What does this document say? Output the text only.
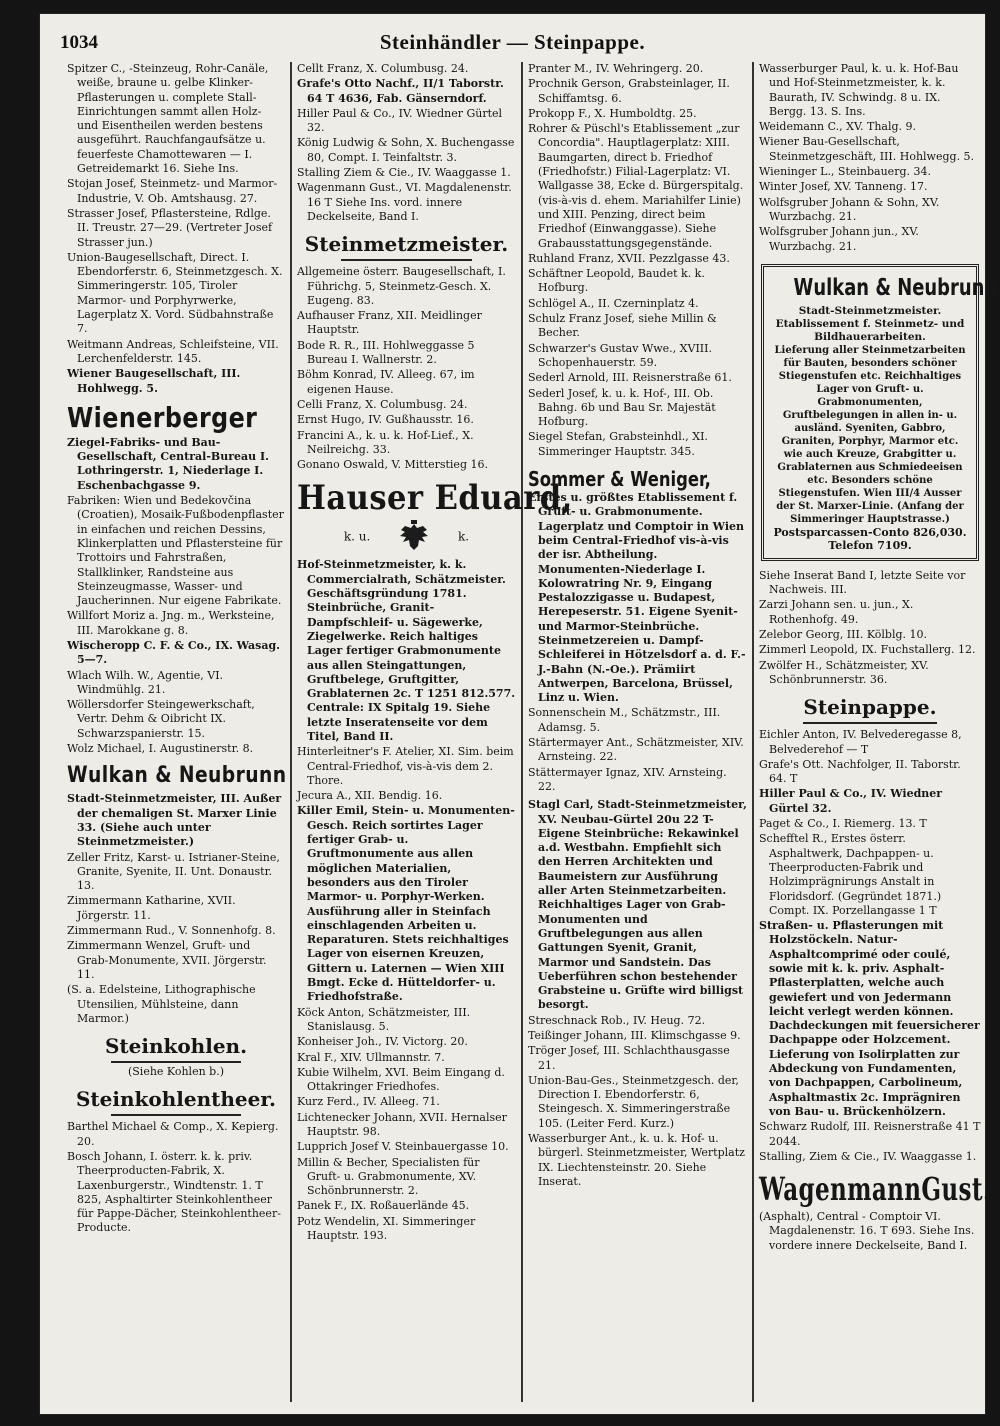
1034	Steinhändler — Steinpappe.
Spitzer C., -Steinzeug, Rohr-Canäle, weiße, braune u. gelbe Klinker-Pflasterungen u. complete Stall-Einrichtungen sammt allen Holz- und Eisentheilen werden bestens ausgeführt. Rauchfangaufsätze u. feuerfeste Chamottewaren — I. Getreidemarkt 16. Siehe Ins.
Stojan Josef, Steinmetz- und Marmor-Industrie, V. Ob. Amtshausg. 27.
Strasser Josef, Pflastersteine, Rdlge. II. Treustr. 27—29. (Vertreter Josef Strasser jun.)
Union-Baugesellschaft, Direct. I. Ebendorferstr. 6, Steinmetzgesch. X. Simmeringerstr. 105, Tiroler Marmor- und Porphyrwerke, Lagerplatz X. Vord. Südbahnstraße 7.
Weitmann Andreas, Schleifsteine, VII. Lerchenfelderstr. 145.
Wiener Baugesellschaft, III. Hohlwegg. 5.
Wienerberger
Ziegel-Fabriks- und Bau-Gesellschaft, Central-Bureau I. Lothringerstr. 1, Niederlage I. Eschenbachgasse 9.
Fabriken: Wien und Bedekovčina (Croatien), Mosaik-Fußbodenpflaster in einfachen und reichen Dessins, Klinkerplatten und Pflastersteine für Trottoirs und Fahrstraßen, Stallklinker, Randsteine aus Steinzeugmasse, Wasser- und Jaucherinnen. Nur eigene Fabrikate.
Willfort Moriz a. Jng. m., Werksteine, III. Marokkane g. 8.
Wischeropp C. F. & Co., IX. Wasag. 5—7.
Wlach Wilh. W., Agentie, VI. Windmühlg. 21.
Wöllersdorfer Steingewerkschaft, Vertr. Dehm & Oibricht IX. Schwarzspanierstr. 15.
Wolz Michael, I. Augustinerstr. 8.
Wulkan & Neubrunn
Stadt-Steinmetzmeister, III. Außer der chemaligen St. Marxer Linie 33. (Siehe auch unter Steinmetzmeister.)
Zeller Fritz, Karst- u. Istrianer-Steine, Granite, Syenite, II. Unt. Donaustr. 13.
Zimmermann Katharine, XVII. Jörgerstr. 11.
Zimmermann Rud., V. Sonnenhofg. 8.
Zimmermann Wenzel, Gruft- und Grab-Monumente, XVII. Jörgerstr. 11.
(S. a. Edelsteine, Lithographische Utensilien, Mühlsteine, dann Marmor.)
Steinkohlen.
(Siehe Kohlen b.)
Steinkohlentheer.
Barthel Michael & Comp., X. Kepierg. 20.
Bosch Johann, I. österr. k. k. priv. Theerproducten-Fabrik, X. Laxenburgerstr., Windtenstr. 1. T 825, Asphaltirter Steinkohlentheer für Pappe-Dächer, Steinkohlentheer-Producte.
Cellt Franz, X. Columbusg. 24.
Grafe's Otto Nachf., II/1 Taborstr. 64 T 4636, Fab. Gänserndorf.
Hiller Paul & Co., IV. Wiedner Gürtel 32.
König Ludwig & Sohn, X. Buchengasse 80, Compt. I. Teinfaltstr. 3.
Stalling Ziem & Cie., IV. Waaggasse 1.
Wagenmann Gust., VI. Magdalenenstr. 16 T Siehe Ins. vord. innere Deckelseite, Band I.
Steinmetzmeister.
Allgemeine österr. Baugesellschaft, I. Führichg. 5, Steinmetz-Gesch. X. Eugeng. 83.
Aufhauser Franz, XII. Meidlinger Hauptstr.
Bode R. R., III. Hohlweggasse 5 Bureau I. Wallnerstr. 2.
Böhm Konrad, IV. Alleeg. 67, im eigenen Hause.
Celli Franz, X. Columbusg. 24.
Ernst Hugo, IV. Gußhausstr. 16.
Francini A., k. u. k. Hof-Lief., X. Neilreichg. 33.
Gonano Oswald, V. Mitterstieg 16.
Hauser Eduard,
k. u.	k.
Hof-Steinmetzmeister, k. k. Commercialrath, Schätzmeister. Geschäftsgründung 1781. Steinbrüche, Granit-Dampfschleif- u. Sägewerke, Ziegelwerke. Reich haltiges Lager fertiger Grabmonumente aus allen Steingattungen, Gruftbelege, Gruftgitter, Grablaternen 2c. T 1251 812.577. Centrale: IX Spitalg 19. Siehe letzte Inseratenseite vor dem Titel, Band II.
Hinterleitner's F. Atelier, XI. Sim. beim Central-Friedhof, vis-à-vis dem 2. Thore.
Jecura A., XII. Bendig. 16.
Killer Emil, Stein- u. Monumenten-Gesch. Reich sortirtes Lager fertiger Grab- u. Gruftmonumente aus allen möglichen Materialien, besonders aus den Tiroler Marmor- u. Porphyr-Werken. Ausführung aller in Steinfach einschlagenden Arbeiten u. Reparaturen. Stets reichhaltiges Lager von eisernen Kreuzen, Gittern u. Laternen — Wien XIII Bmgt. Ecke d. Hütteldorfer- u. Friedhofstraße.
Köck Anton, Schätzmeister, III. Stanislausg. 5.
Konheiser Joh., IV. Victorg. 20.
Kral F., XIV. Ullmannstr. 7.
Kubie Wilhelm, XVI. Beim Eingang d. Ottakringer Friedhofes.
Kurz Ferd., IV. Alleeg. 71.
Lichtenecker Johann, XVII. Hernalser Hauptstr. 98.
Lupprich Josef V. Steinbauergasse 10.
Millin & Becher, Specialisten für Gruft- u. Grabmonumente, XV. Schönbrunnerstr. 2.
Panek F., IX. Roßauerlände 45.
Potz Wendelin, XI. Simmeringer Hauptstr. 193.
Pranter M., IV. Wehringerg. 20.
Prochnik Gerson, Grabsteinlager, II. Schiffamtsg. 6.
Prokopp F., X. Humboldtg. 25.
Rohrer & Püschl's Etablissement „zur Concordia". Hauptlagerplatz: XIII. Baumgarten, direct b. Friedhof (Friedhofstr.) Filial-Lagerplatz: VI. Wallgasse 38, Ecke d. Bürgerspitalg. (vis-à-vis d. ehem. Mariahilfer Linie) und XIII. Penzing, direct beim Friedhof (Einwanggasse). Siehe Grabausstattungsgegenstände.
Ruhland Franz, XVII. Pezzlgasse 43.
Schäftner Leopold, Baudet k. k. Hofburg.
Schlögel A., II. Czerninplatz 4.
Schulz Franz Josef, siehe Millin & Becher.
Schwarzer's Gustav Wwe., XVIII. Schopenhauerstr. 59.
Sederl Arnold, III. Reisnerstraße 61.
Sederl Josef, k. u. k. Hof-, III. Ob. Bahng. 6b und Bau Sr. Majestät Hofburg.
Siegel Stefan, Grabsteinhdl., XI. Simmeringer Hauptstr. 345.
Sommer & Weniger,
Erstes u. größtes Etablissement f. Gruft- u. Grabmonumente. Lagerplatz und Comptoir in Wien beim Central-Friedhof vis-à-vis der isr. Abtheilung. Monumenten-Niederlage I. Kolowratring Nr. 9, Eingang Pestalozzigasse u. Budapest, Herepeserstr. 51. Eigene Syenit- und Marmor-Steinbrüche. Steinmetzereien u. Dampf-Schleiferei in Hötzelsdorf a. d. F.-J.-Bahn (N.-Oe.). Prämiirt Antwerpen, Barcelona, Brüssel, Linz u. Wien.
Sonnenschein M., Schätzmstr., III. Adamsg. 5.
Stärtermayer Ant., Schätzmeister, XIV. Arnsteing. 22.
Stättermayer Ignaz, XIV. Arnsteing. 22.
Stagl Carl, Stadt-Steinmetzmeister, XV. Neubau-Gürtel 20u 22 T-Eigene Steinbrüche: Rekawinkel a.d. Westbahn. Empfiehlt sich den Herren Architekten und Baumeistern zur Ausführung aller Arten Steinmetzarbeiten. Reichhaltiges Lager von Grab-Monumenten und Gruftbelegungen aus allen Gattungen Syenit, Granit, Marmor und Sandstein. Das Ueberführen schon bestehender Grabsteine u. Grüfte wird billigst besorgt.
Streschnack Rob., IV. Heug. 72.
Teißinger Johann, III. Klimschgasse 9.
Tröger Josef, III. Schlachthausgasse 21.
Union-Bau-Ges., Steinmetzgesch. der, Direction I. Ebendorferstr. 6, Steingesch. X. Simmeringerstraße 105. (Leiter Ferd. Kurz.)
Wasserburger Ant., k. u. k. Hof- u. bürgerl. Steinmetzmeister, Wertplatz IX. Liechtensteinstr. 20. Siehe Inserat.
Wasserburger Paul, k. u. k. Hof-Bau und Hof-Steinmetzmeister, k. k. Baurath, IV. Schwindg. 8 u. IX. Bergg. 13. S. Ins.
Weidemann C., XV. Thalg. 9.
Wiener Bau-Gesellschaft, Steinmetzgeschäft, III. Hohlwegg. 5.
Wieninger L., Steinbauerg. 34.
Winter Josef, XV. Tanneng. 17.
Wolfsgruber Johann & Sohn, XV. Wurzbachg. 21.
Wolfsgruber Johann jun., XV. Wurzbachg. 21.
Wulkan & Neubrunn
Stadt-Steinmetzmeister.
Etablissement f. Steinmetz- und Bildhauerarbeiten.
Lieferung aller Steinmetzarbeiten für Bauten, besonders schöner Stiegenstufen etc. Reichhaltiges Lager von Gruft- u. Grabmonumenten, Gruftbelegungen in allen in- u. ausländ. Syeniten, Gabbro, Graniten, Porphyr, Marmor etc. wie auch Kreuze, Grabgitter u. Grablaternen aus Schmiedeeisen etc. Besonders schöne Stiegenstufen. Wien III/4 Ausser der St. Marxer-Linie. (Anfang der Simmeringer Hauptstrasse.)
Postsparcassen-Conto 826,030.
Telefon 7109.
Siehe Inserat Band I, letzte Seite vor Nachweis. III.
Zarzi Johann sen. u. jun., X. Rothenhofg. 49.
Zelebor Georg, III. Kölblg. 10.
Zimmerl Leopold, IX. Fuchstallerg. 12.
Zwölfer H., Schätzmeister, XV. Schönbrunnerstr. 36.
Steinpappe.
Eichler Anton, IV. Belvederegasse 8, Belvederehof — T
Grafe's Ott. Nachfolger, II. Taborstr. 64. T
Hiller Paul & Co., IV. Wiedner Gürtel 32.
Paget & Co., I. Riemerg. 13. T
Schefftel R., Erstes österr. Asphaltwerk, Dachpappen- u. Theerproducten-Fabrik und Holzimprägnirungs Anstalt in Floridsdorf. (Gegründet 1871.) Compt. IX. Porzellangasse 1 T
Straßen- u. Pflasterungen mit Holzstöckeln. Natur-Asphaltcomprimé oder coulé, sowie mit k. k. priv. Asphalt-Pflasterplatten, welche auch gewiefert und von Jedermann leicht verlegt werden können. Dachdeckungen mit feuersicherer Dachpappe oder Holzcement. Lieferung von Isolirplatten zur Abdeckung von Fundamenten, von Dachpappen, Carbolineum, Asphaltmastix 2c. Imprägniren von Bau- u. Brückenhölzern.
Schwarz Rudolf, III. Reisnerstraße 41 T 2044.
Stalling, Ziem & Cie., IV. Waaggasse 1.
WagenmannGust.
(Asphalt), Central - Comptoir VI. Magdalenenstr. 16. T 693. Siehe Ins. vordere innere Deckelseite, Band I.
